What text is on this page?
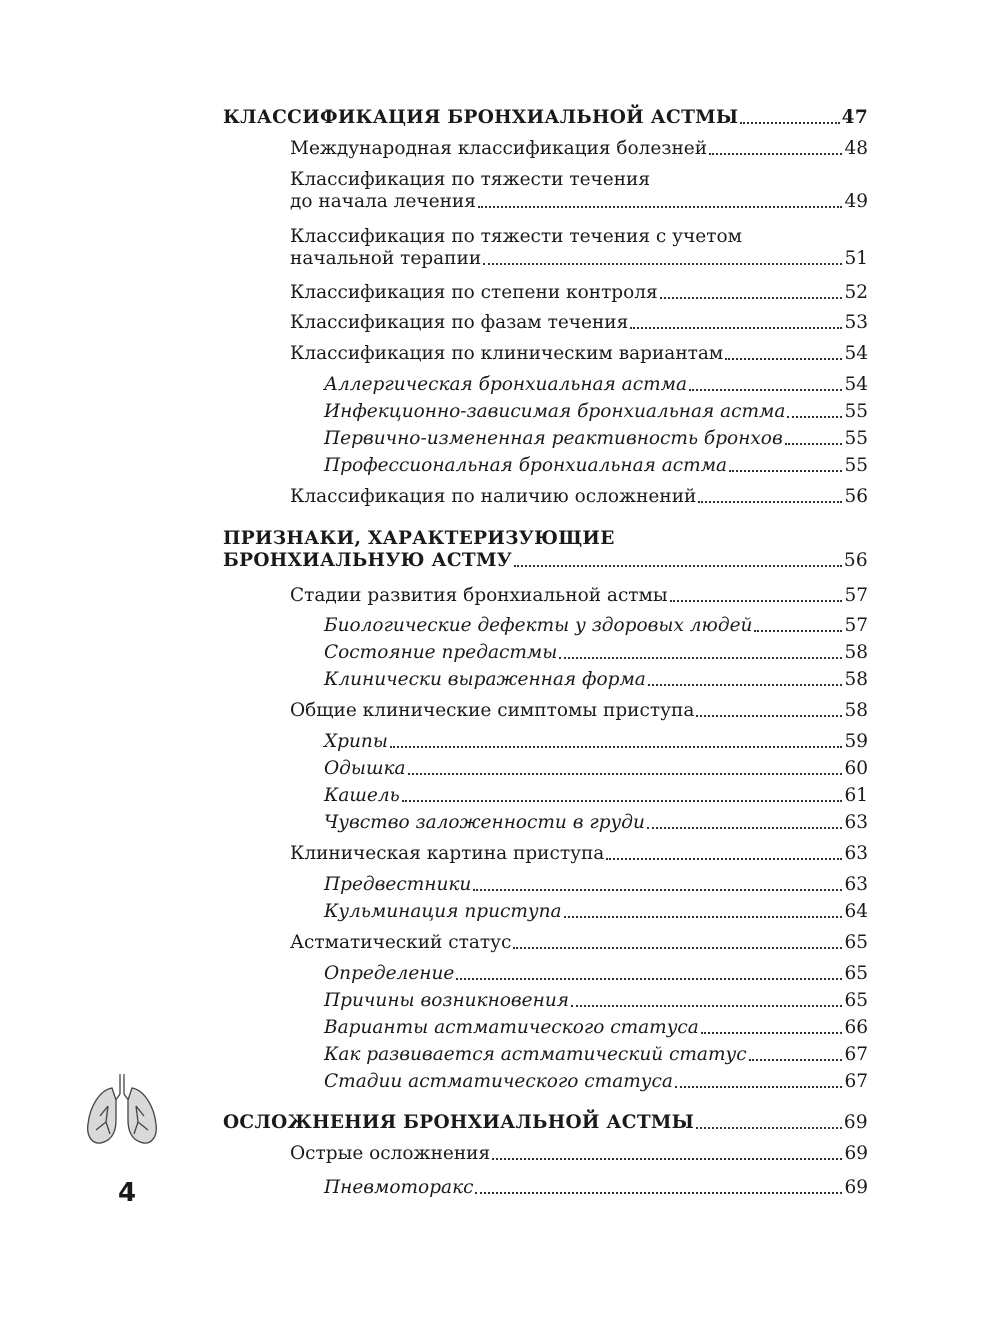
КЛАССИФИКАЦИЯ БРОНХИАЛЬНОЙ АСТМЫ	47
Международная классификация болезней	48
Классификация по тяжести течения
до начала лечения	49
Классификация по тяжести течения с учетом
начальной терапии	51
Классификация по степени контроля	52
Классификация по фазам течения	53
Классификация по клиническим вариантам	54
Аллергическая бронхиальная астма	54
Инфекционно-зависимая бронхиальная астма	55
Первично-измененная реактивность бронхов	55
Профессиональная бронхиальная астма	55
Классификация по наличию осложнений	56
ПРИЗНАКИ, ХАРАКТЕРИЗУЮЩИЕ
БРОНХИАЛЬНУЮ АСТМУ	56
Стадии развития бронхиальной астмы	57
Биологические дефекты у здоровых людей	57
Состояние предастмы	58
Клинически выраженная форма	58
Общие клинические симптомы приступа	58
Хрипы	59
Одышка	60
Кашель	61
Чувство заложенности в груди	63
Клиническая картина приступа	63
Предвестники	63
Кульминация приступа	64
Астматический статус	65
Определение	65
Причины возникновения	65
Варианты астматического статуса	66
Как развивается астматический статус	67
Стадии астматического статуса	67
ОСЛОЖНЕНИЯ БРОНХИАЛЬНОЙ АСТМЫ	69
Острые осложнения	69
Пневмоторакс	69
4
